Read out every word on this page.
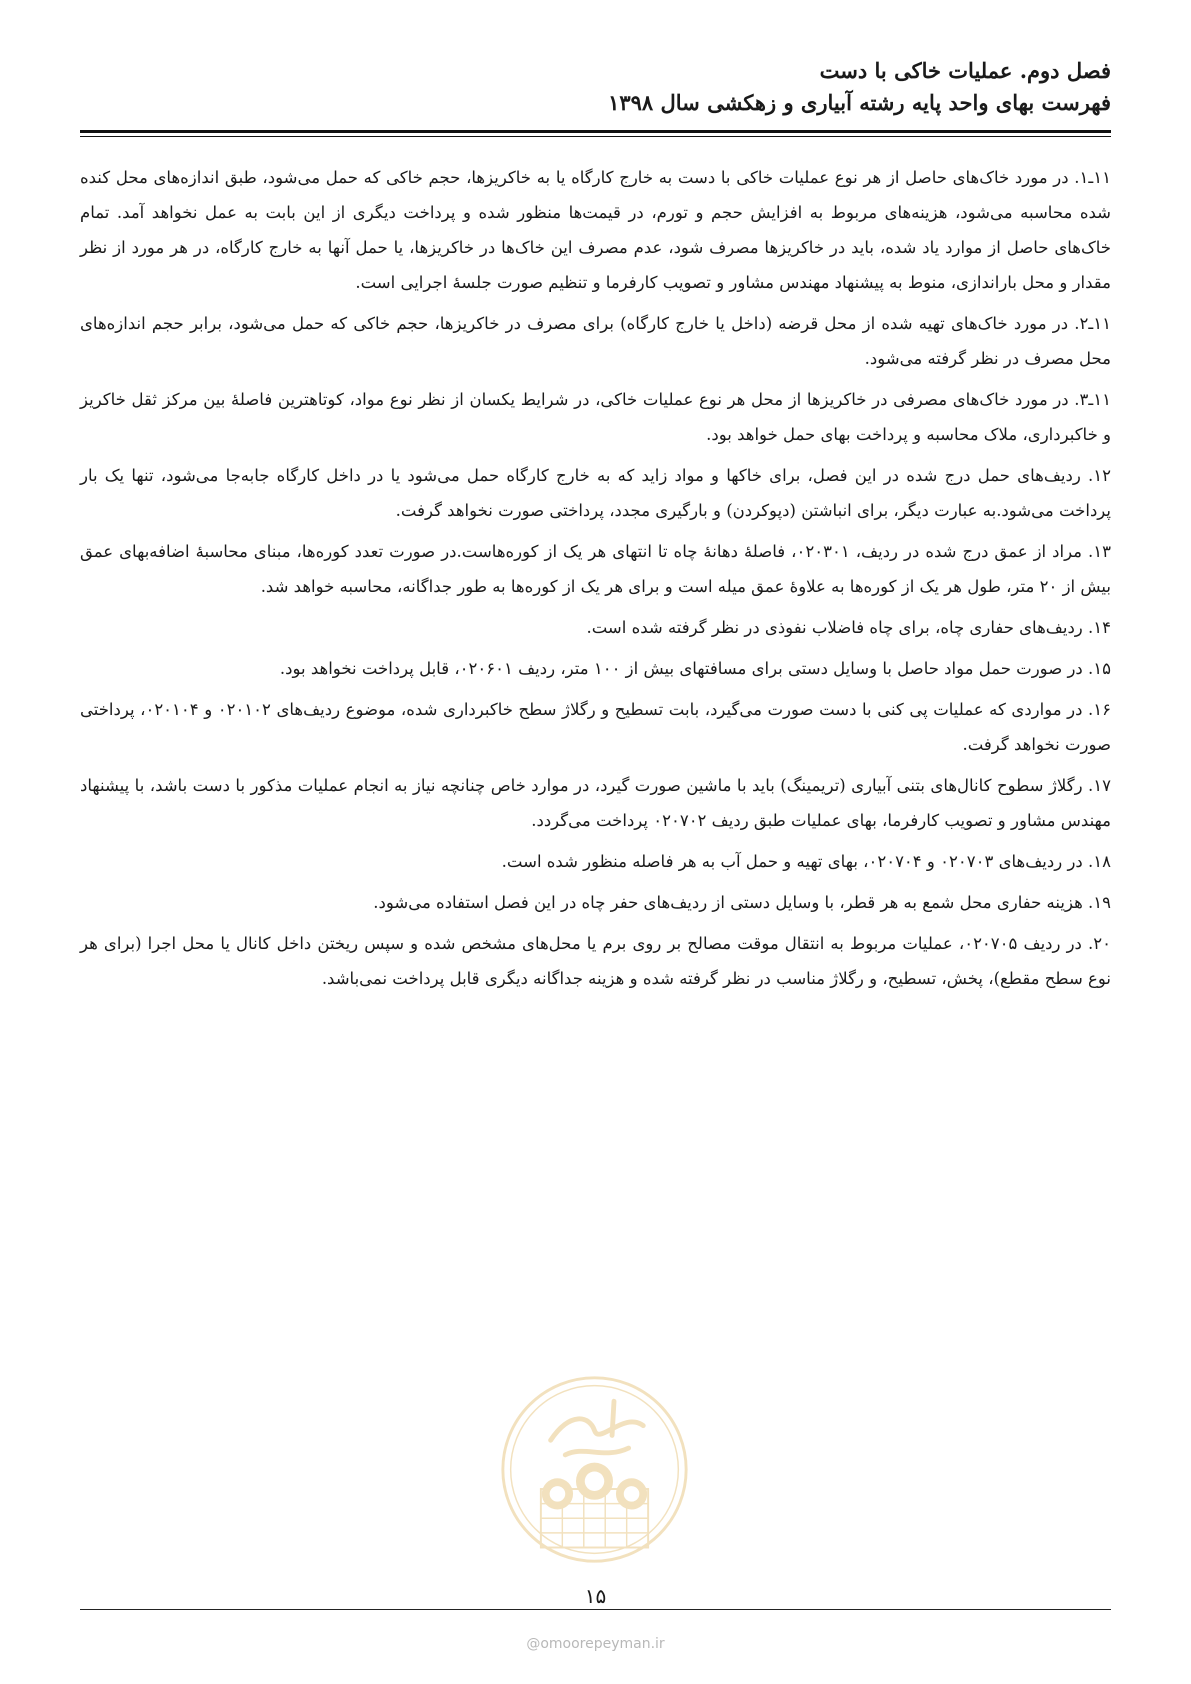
فصل دوم. عملیات خاکی با دست

فهرست بهای واحد پایه رشته آبیاری و زهکشی سال ۱۳۹۸

۱۱ـ۱. در مورد خاک‌های حاصل از هر نوع عملیات خاکی با دست به خارج کارگاه یا به خاکریزها، حجم خاکی که حمل می‌شود، طبق اندازه‌های محل کنده شده محاسبه می‌شود، هزینه‌های مربوط به افزایش حجم و تورم، در قیمت‌ها منظور شده و پرداخت دیگری از این بابت به عمل نخواهد آمد. تمام خاک‌های حاصل از موارد یاد شده، باید در خاکریزها مصرف شود، عدم مصرف این خاک‌ها در خاکریزها، یا حمل آنها به خارج کارگاه، در هر مورد از نظر مقدار و محل باراندازی، منوط به پیشنهاد مهندس مشاور و تصویب کارفرما و تنظیم صورت جلسهٔ اجرایی است.

۱۱ـ۲. در مورد خاک‌های تهیه شده از محل قرضه (داخل یا خارج کارگاه) برای مصرف در خاکریزها، حجم خاکی که حمل می‌شود، برابر حجم اندازه‌های محل مصرف در نظر گرفته می‌شود.

۱۱ـ۳. در مورد خاک‌های مصرفی در خاکریزها از محل هر نوع عملیات خاکی، در شرایط یکسان از نظر نوع مواد، کوتاهترین فاصلهٔ بین مرکز ثقل خاکریز و خاکبرداری، ملاک محاسبه و پرداخت بهای حمل خواهد بود.

۱۲. ردیف‌های حمل درج شده در این فصل، برای خاکها و مواد زاید که به خارج کارگاه حمل می‌شود یا در داخل کارگاه جابه‌جا می‌شود، تنها یک بار پرداخت می‌شود.به عبارت دیگر، برای انباشتن (دپوکردن) و بارگیری مجدد، پرداختی صورت نخواهد گرفت.

۱۳. مراد از عمق درج شده در ردیف، ۰۲۰۳۰۱، فاصلهٔ دهانهٔ چاه تا انتهای هر یک از کوره‌هاست.در صورت تعدد کوره‌ها، مبنای محاسبهٔ اضافه‌بهای عمق بیش از ۲۰ متر، طول هر یک از کوره‌ها به علاوهٔ عمق میله است و برای هر یک از کوره‌ها به طور جداگانه، محاسبه خواهد شد.

۱۴. ردیف‌های حفاری چاه، برای چاه فاضلاب نفوذی در نظر گرفته شده است.

۱۵. در صورت حمل مواد حاصل با وسایل دستی برای مسافتهای بیش از ۱۰۰ متر، ردیف ۰۲۰۶۰۱، قابل پرداخت نخواهد بود.

۱۶. در مواردی که عملیات پی کنی با دست صورت می‌گیرد، بابت تسطیح و رگلاژ سطح خاکبرداری شده، موضوع ردیف‌های ۰۲۰۱۰۲ و ۰۲۰۱۰۴، پرداختی صورت نخواهد گرفت.

۱۷. رگلاژ سطوح کانال‌های بتنی آبیاری (تریمینگ) باید با ماشین صورت گیرد، در موارد خاص چنانچه نیاز به انجام عملیات مذکور با دست باشد، با پیشنهاد مهندس مشاور و تصویب کارفرما، بهای عملیات طبق ردیف ۰۲۰۷۰۲ پرداخت می‌گردد.

۱۸. در ردیف‌های ۰۲۰۷۰۳ و ۰۲۰۷۰۴، بهای تهیه و حمل آب به هر فاصله منظور شده است.

۱۹. هزینه حفاری محل شمع به هر قطر، با وسایل دستی از ردیف‌های حفر چاه در این فصل استفاده می‌شود.

۲۰. در ردیف ۰۲۰۷۰۵، عملیات مربوط به انتقال موقت مصالح بر روی برم یا محل‌های مشخص شده و سپس ریختن داخل کانال یا محل اجرا (برای هر نوع سطح مقطع)، پخش، تسطیح، و رگلاژ مناسب در نظر گرفته شده و هزینه جداگانه دیگری قابل پرداخت نمی‌باشد.

۱۵
@omoorepeyman.ir
